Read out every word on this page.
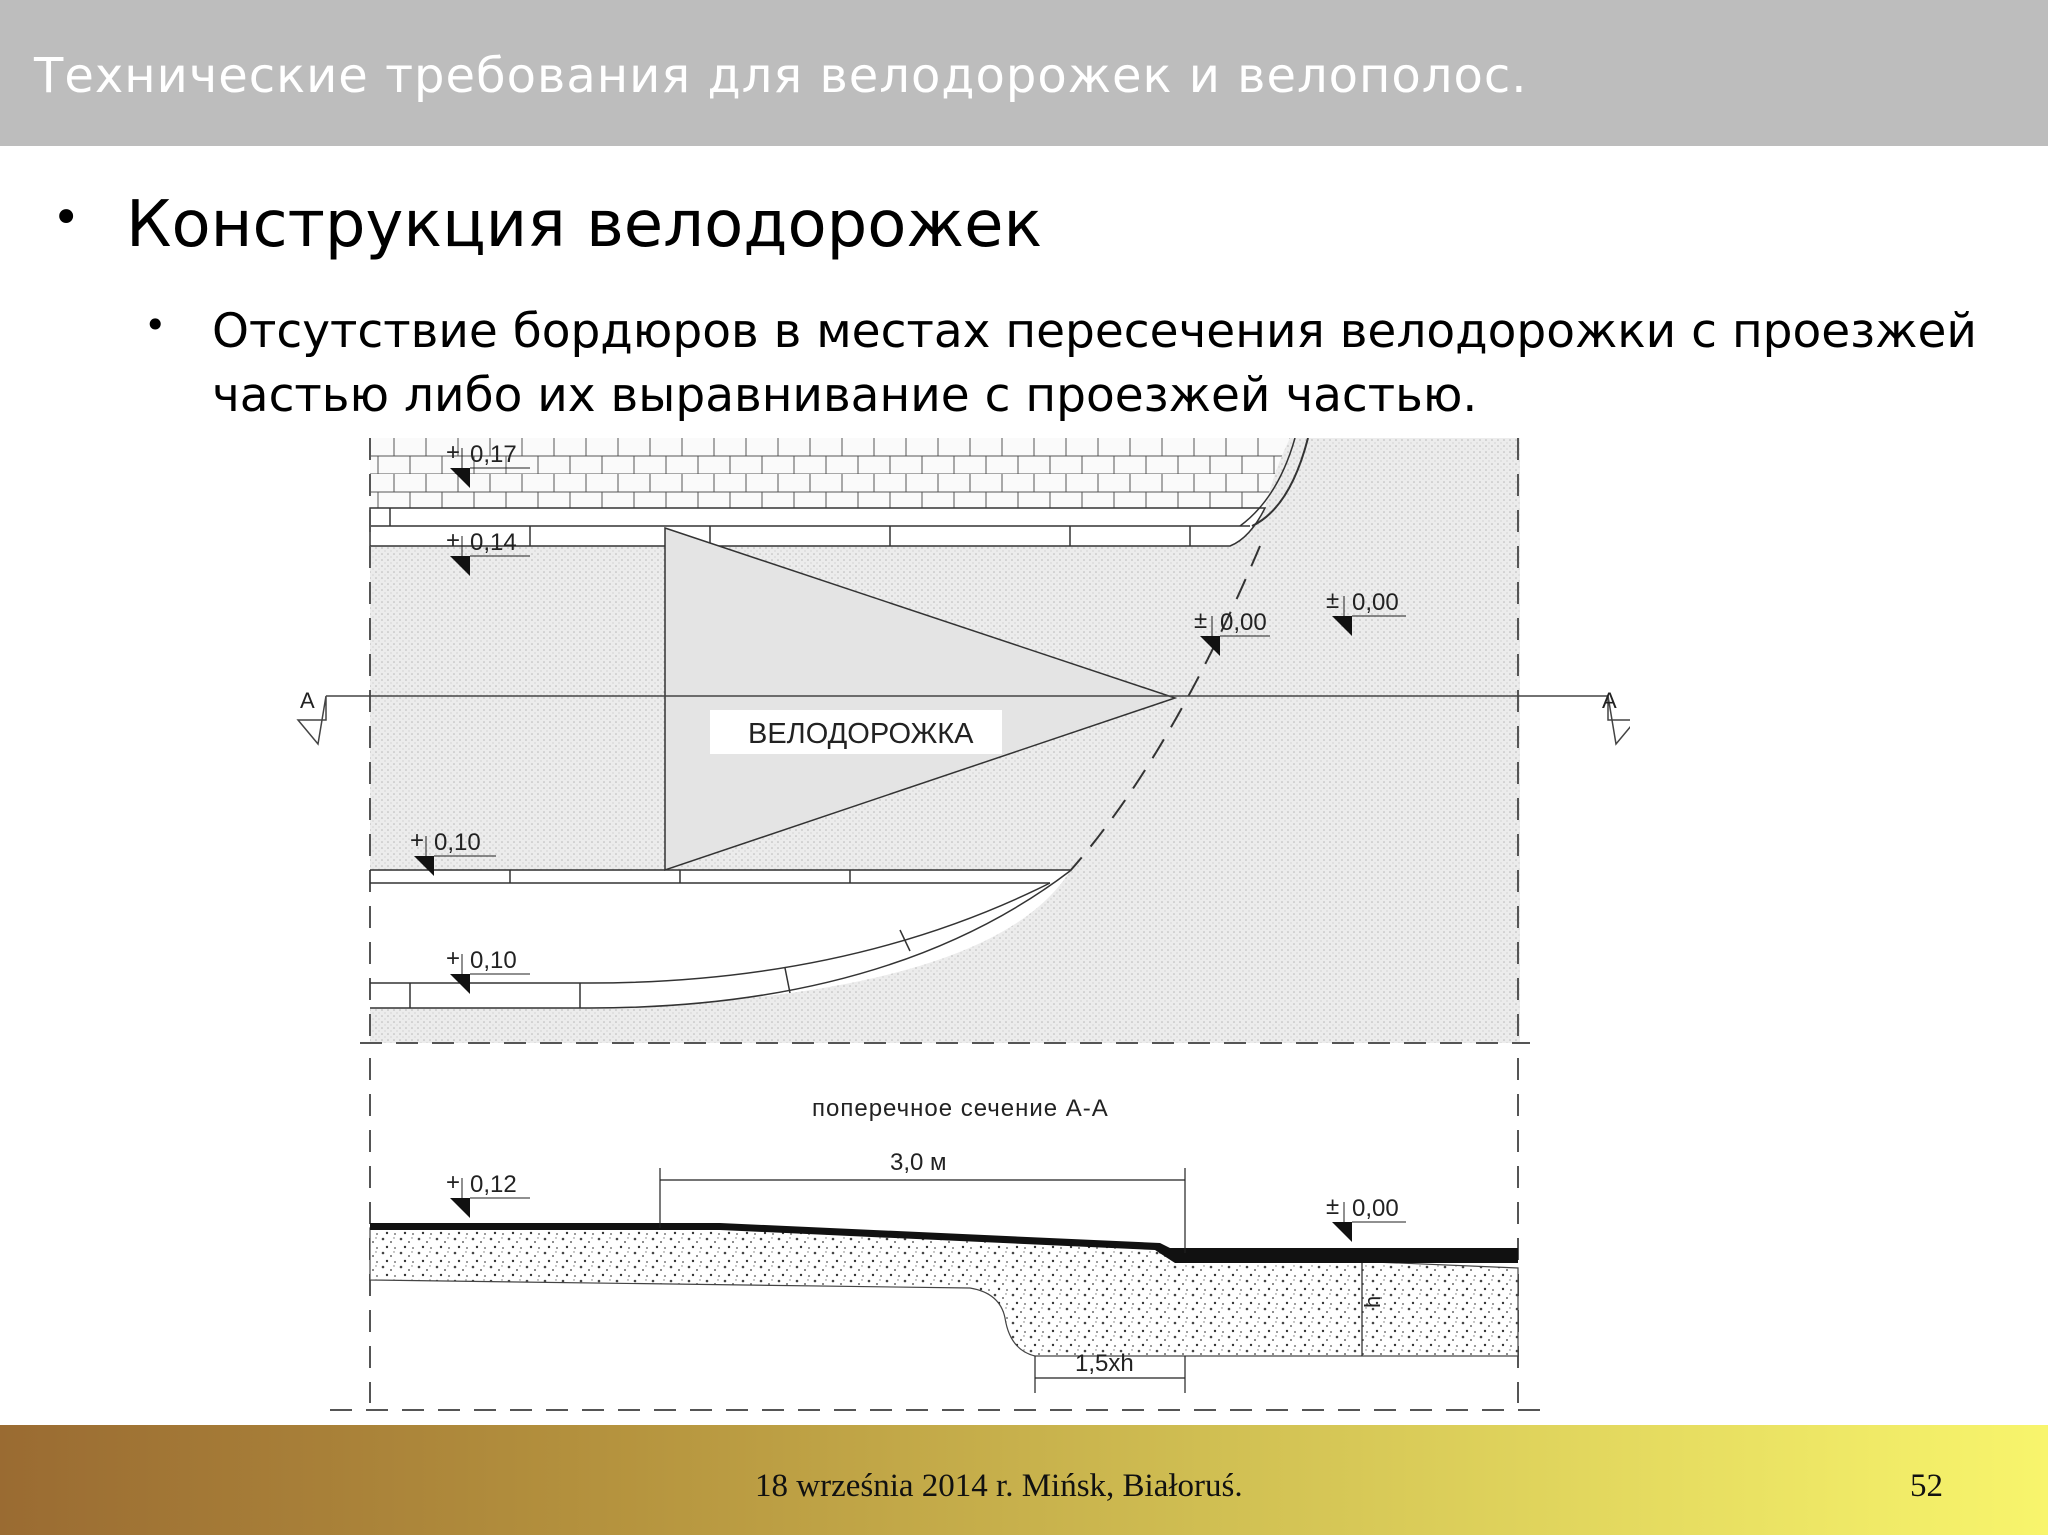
Технические требования для велодорожек и велополос.
• Конструкция велодорожек
• Отсутствие бордюров в местах пересечения велодорожки с проезжей частью либо их выравнивание с проезжей частью.
А	А
ВЕЛОДОРОЖКА
+ 0,17
+ 0,14
± 0,00
± 0,00
+ 0,10
+ 0,10
поперечное сечение А-А
3,0 м
1,5xh
h
+ 0,12
± 0,00
18 września 2014 r. Mińsk, Białoruś.	52
